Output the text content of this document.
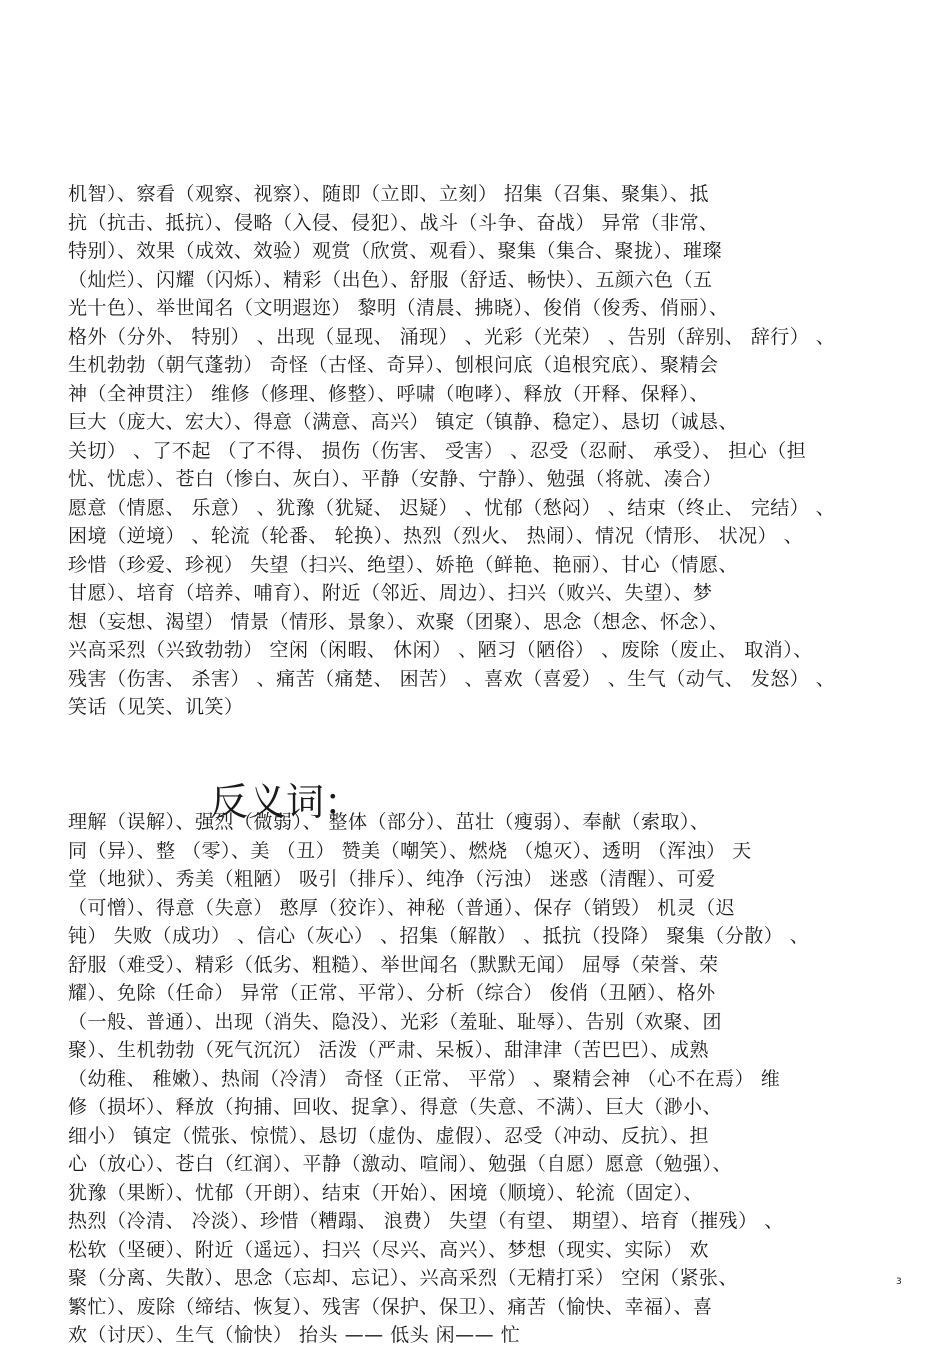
机智）、察看（观察、视察）、随即（立即、立刻） 招集（召集、聚集）、抵
抗（抗击、抵抗）、侵略（入侵、侵犯）、战斗（斗争、奋战） 异常（非常、
特别）、效果（成效、效验）观赏（欣赏、观看）、聚集（集合、聚拢）、璀璨
（灿烂）、闪耀（闪烁）、精彩（出色）、舒服（舒适、畅快）、五颜六色（五
光十色）、举世闻名（文明遐迩） 黎明（清晨、拂晓）、俊俏（俊秀、俏丽）、
格外（分外、 特别） 、出现（显现、 涌现） 、光彩（光荣） 、告别（辞别、 辞行） 、
生机勃勃（朝气蓬勃） 奇怪（古怪、奇异）、刨根问底（追根究底）、聚精会
神（全神贯注） 维修（修理、修整）、呼啸（咆哮）、释放（开释、保释）、
巨大（庞大、宏大）、得意（满意、高兴） 镇定（镇静、稳定）、恳切（诚恳、
关切） 、了不起 （了不得、 损伤（伤害、 受害） 、忍受（忍耐、 承受）、 担心（担
忧、忧虑）、苍白（惨白、灰白）、平静（安静、宁静）、勉强（将就、凑合）
愿意（情愿、 乐意） 、犹豫（犹疑、 迟疑） 、忧郁（愁闷） 、结束（终止、 完结） 、
困境（逆境） 、轮流（轮番、 轮换）、热烈（烈火、 热闹）、情况（情形、 状况） 、
珍惜（珍爱、珍视） 失望（扫兴、绝望）、娇艳（鲜艳、艳丽）、甘心（情愿、
甘愿）、培育（培养、哺育）、附近（邻近、周边）、扫兴（败兴、失望）、梦
想（妄想、渴望） 情景（情形、景象）、欢聚（团聚）、思念（想念、怀念）、
兴高采烈（兴致勃勃） 空闲（闲暇、 休闲） 、陋习（陋俗） 、废除（废止、 取消）、
残害（伤害、 杀害） 、痛苦（痛楚、 困苦） 、喜欢（喜爱） 、生气（动气、 发怒） 、
笑话（见笑、讥笑）
反义词：
理解（误解）、强烈（微弱）、 整体（部分）、茁壮（瘦弱）、奉献（索取）、
同（异）、整 （零）、美 （丑） 赞美（嘲笑）、燃烧 （熄灭）、透明 （浑浊） 天
堂（地狱）、秀美（粗陋） 吸引（排斥）、纯净（污浊） 迷惑（清醒）、可爱
（可憎）、得意（失意） 憨厚（狡诈）、神秘（普通）、保存（销毁） 机灵（迟
钝） 失败（成功） 、信心（灰心） 、招集（解散） 、抵抗（投降） 聚集（分散） 、
舒服（难受）、精彩（低劣、粗糙）、举世闻名（默默无闻） 屈辱（荣誉、荣
耀）、免除（任命） 异常（正常、平常）、分析（综合） 俊俏（丑陋）、格外
（一般、普通）、出现（消失、隐没）、光彩（羞耻、耻辱）、告别（欢聚、团
聚）、生机勃勃（死气沉沉） 活泼（严肃、呆板）、甜津津（苦巴巴）、成熟
（幼稚、 稚嫩）、热闹（冷清） 奇怪（正常、 平常） 、聚精会神 （心不在焉） 维
修（损坏）、释放（拘捕、回收、捉拿）、得意（失意、不满）、巨大（渺小、
细小） 镇定（慌张、惊慌）、恳切（虚伪、虚假）、忍受（冲动、反抗）、担
心（放心）、苍白（红润）、平静（激动、喧闹）、勉强（自愿）愿意（勉强）、
犹豫（果断）、忧郁（开朗）、结束（开始）、困境（顺境）、轮流（固定）、
热烈（冷清、 冷淡）、珍惜（糟蹋、 浪费） 失望（有望、 期望）、培育（摧残） 、
松软（坚硬）、附近（遥远）、扫兴（尽兴、高兴）、梦想（现实、实际） 欢
聚（分离、失散）、思念（忘却、忘记）、兴高采烈（无精打采） 空闲（紧张、
繁忙）、废除（缔结、恢复）、残害（保护、保卫）、痛苦（愉快、幸福）、喜
欢（讨厌）、生气（愉快） 抬头 —— 低头 闲—— 忙
3
